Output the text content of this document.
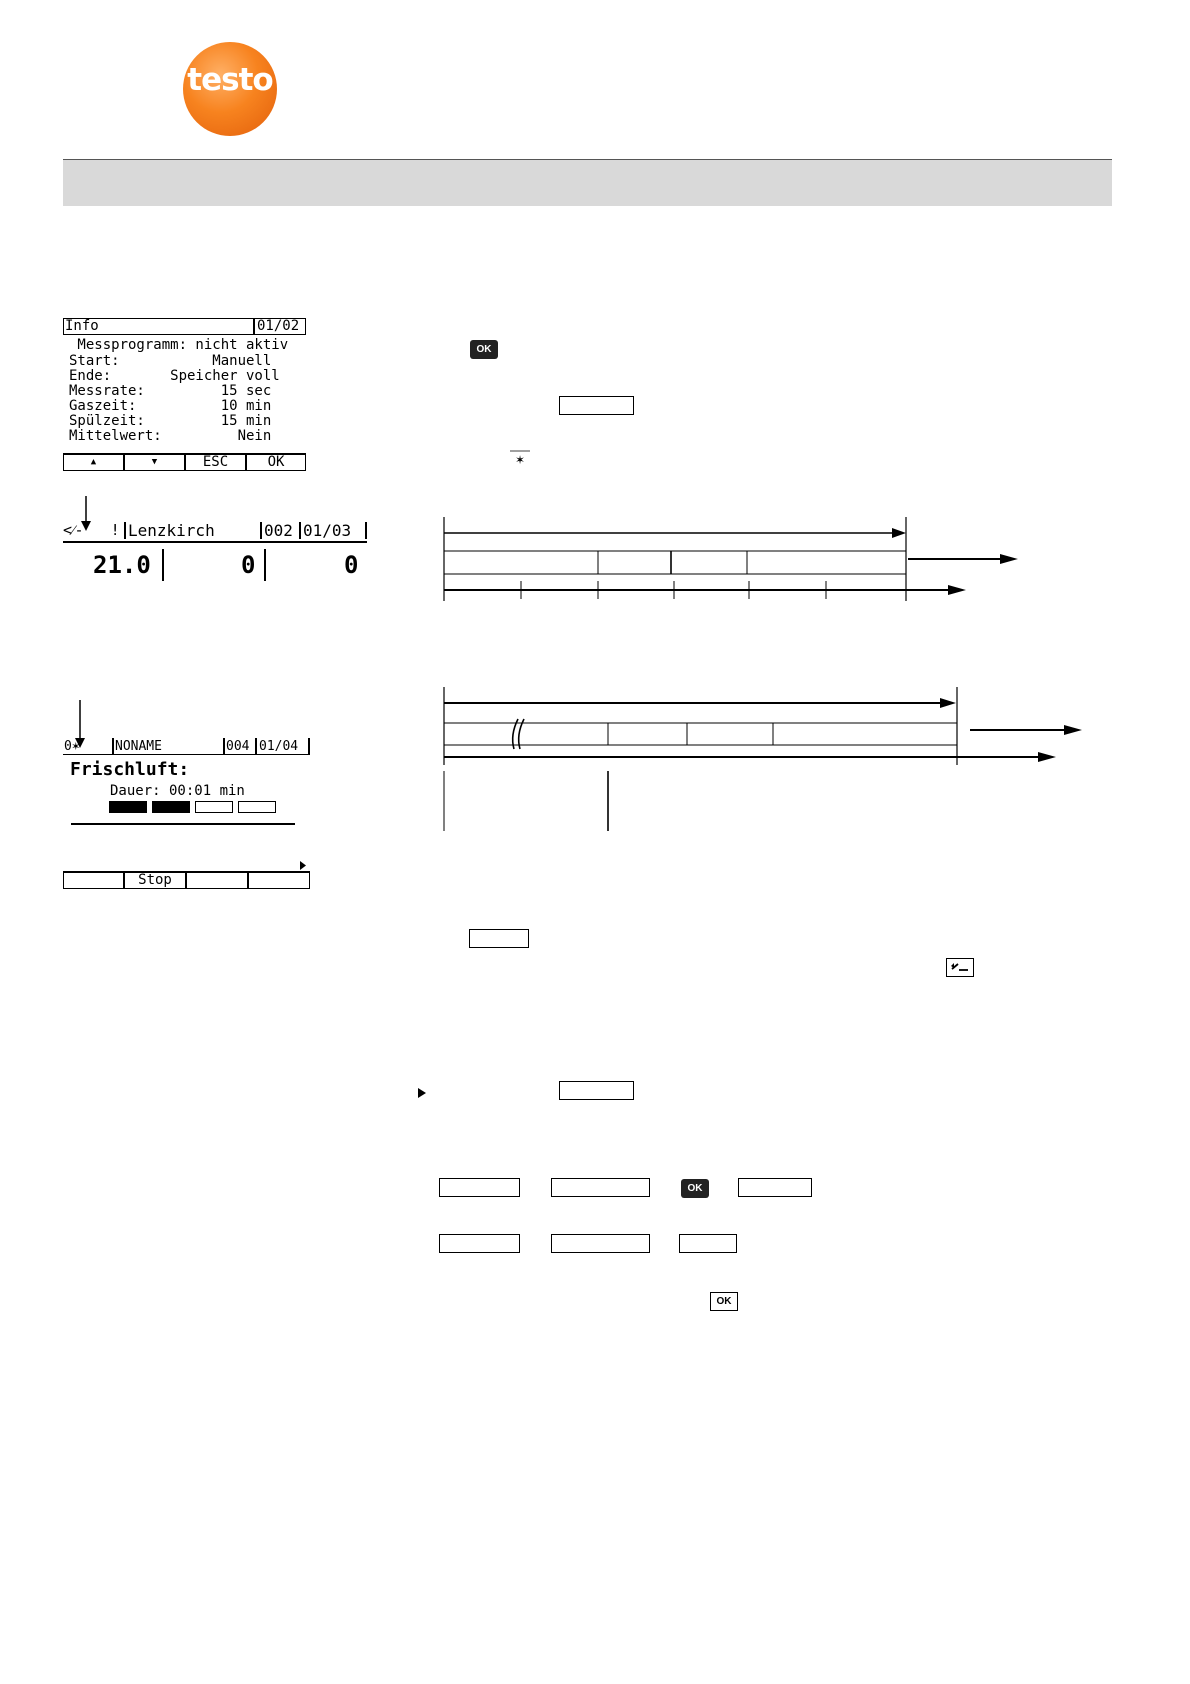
testo
Info	01/02
Messprogramm: nicht aktiv
Start:           Manuell
Ende:       Speicher voll
Messrate:         15 sec
Gaszeit:          10 min
Spülzeit:         15 min
Mittelwert:         Nein
▲	▼	ESC	OK
<⁄-   ! Lenzkirch	002 01/03
21.0	0	0
0✶	NONAME	004 01/04
Frischluft:
Dauer: 00:01 min
Stop
OK
✶
OK
OK
